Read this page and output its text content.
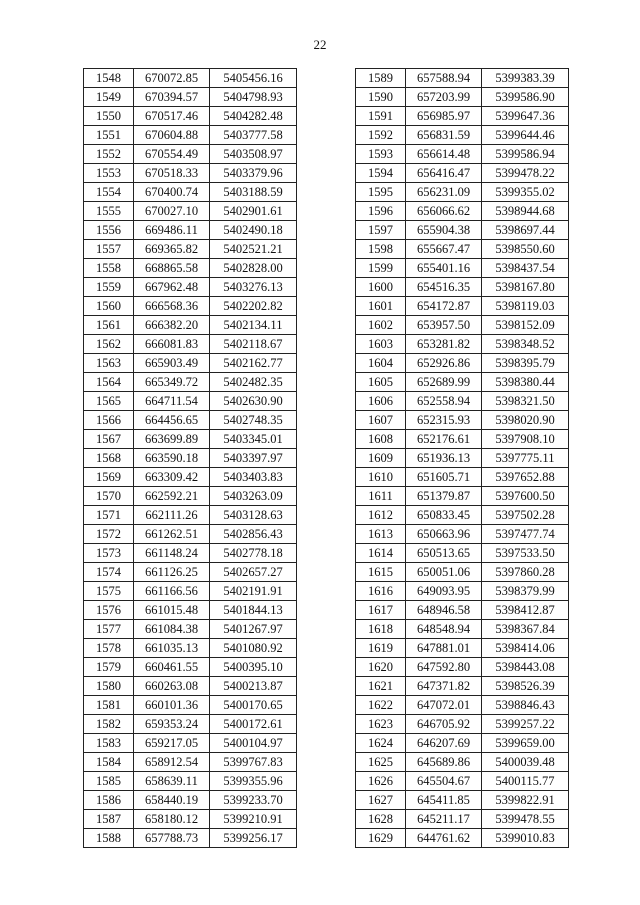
22
1548	670072.85	5405456.16
1549	670394.57	5404798.93
1550	670517.46	5404282.48
1551	670604.88	5403777.58
1552	670554.49	5403508.97
1553	670518.33	5403379.96
1554	670400.74	5403188.59
1555	670027.10	5402901.61
1556	669486.11	5402490.18
1557	669365.82	5402521.21
1558	668865.58	5402828.00
1559	667962.48	5403276.13
1560	666568.36	5402202.82
1561	666382.20	5402134.11
1562	666081.83	5402118.67
1563	665903.49	5402162.77
1564	665349.72	5402482.35
1565	664711.54	5402630.90
1566	664456.65	5402748.35
1567	663699.89	5403345.01
1568	663590.18	5403397.97
1569	663309.42	5403403.83
1570	662592.21	5403263.09
1571	662111.26	5403128.63
1572	661262.51	5402856.43
1573	661148.24	5402778.18
1574	661126.25	5402657.27
1575	661166.56	5402191.91
1576	661015.48	5401844.13
1577	661084.38	5401267.97
1578	661035.13	5401080.92
1579	660461.55	5400395.10
1580	660263.08	5400213.87
1581	660101.36	5400170.65
1582	659353.24	5400172.61
1583	659217.05	5400104.97
1584	658912.54	5399767.83
1585	658639.11	5399355.96
1586	658440.19	5399233.70
1587	658180.12	5399210.91
1588	657788.73	5399256.17
1589	657588.94	5399383.39
1590	657203.99	5399586.90
1591	656985.97	5399647.36
1592	656831.59	5399644.46
1593	656614.48	5399586.94
1594	656416.47	5399478.22
1595	656231.09	5399355.02
1596	656066.62	5398944.68
1597	655904.38	5398697.44
1598	655667.47	5398550.60
1599	655401.16	5398437.54
1600	654516.35	5398167.80
1601	654172.87	5398119.03
1602	653957.50	5398152.09
1603	653281.82	5398348.52
1604	652926.86	5398395.79
1605	652689.99	5398380.44
1606	652558.94	5398321.50
1607	652315.93	5398020.90
1608	652176.61	5397908.10
1609	651936.13	5397775.11
1610	651605.71	5397652.88
1611	651379.87	5397600.50
1612	650833.45	5397502.28
1613	650663.96	5397477.74
1614	650513.65	5397533.50
1615	650051.06	5397860.28
1616	649093.95	5398379.99
1617	648946.58	5398412.87
1618	648548.94	5398367.84
1619	647881.01	5398414.06
1620	647592.80	5398443.08
1621	647371.82	5398526.39
1622	647072.01	5398846.43
1623	646705.92	5399257.22
1624	646207.69	5399659.00
1625	645689.86	5400039.48
1626	645504.67	5400115.77
1627	645411.85	5399822.91
1628	645211.17	5399478.55
1629	644761.62	5399010.83
